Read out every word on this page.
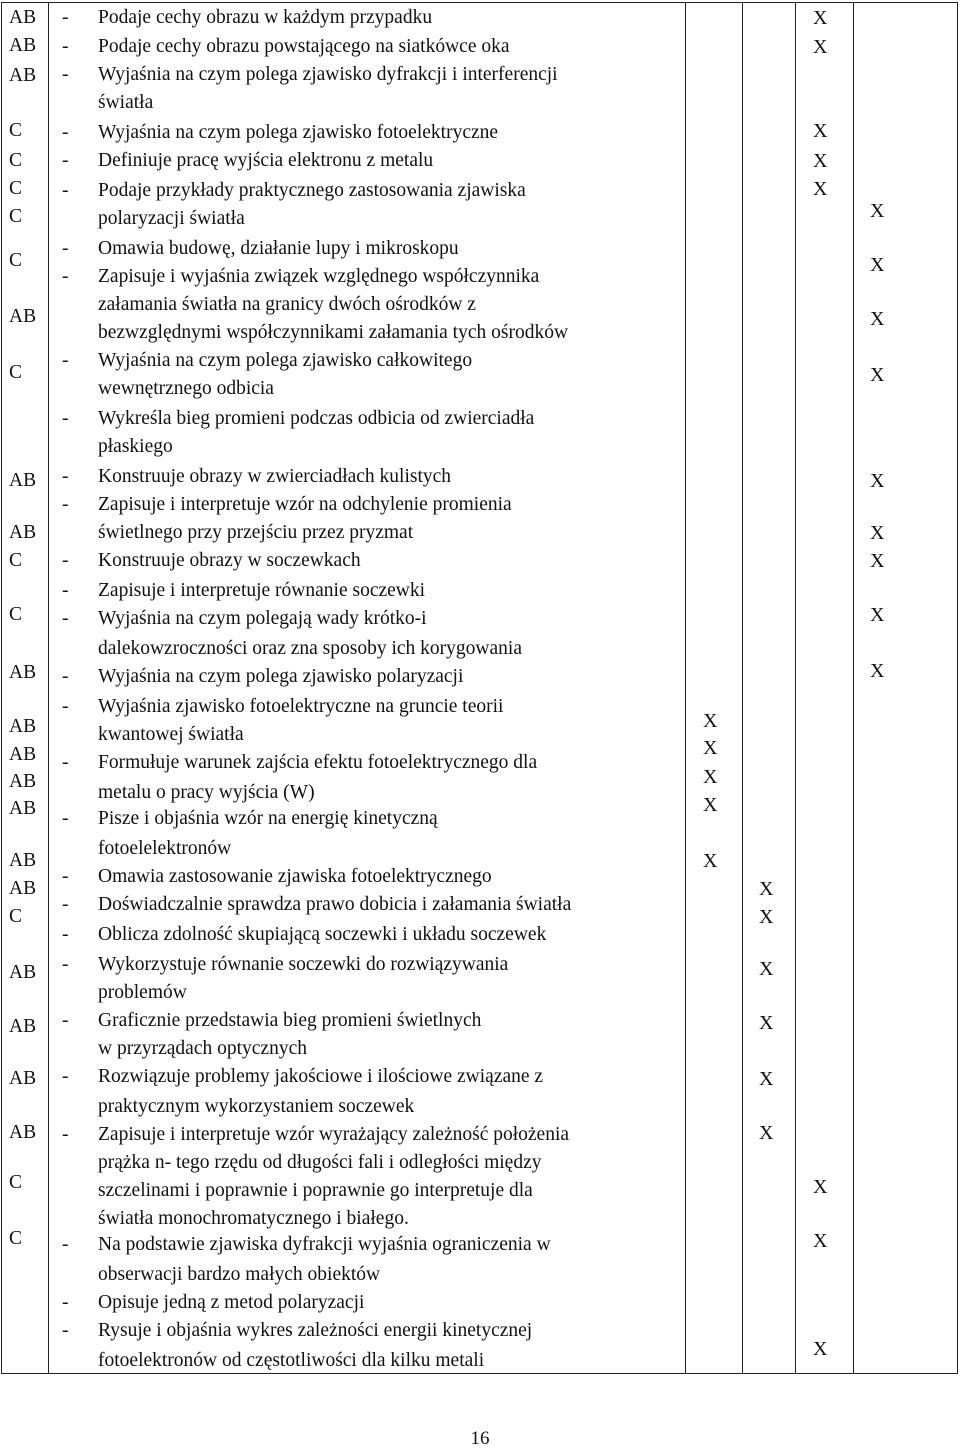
AB
AB
AB
C
C
C
C
C
AB
C
AB
AB
C
C
AB
AB
AB
AB
AB
AB
AB
C
AB
AB
AB
AB
C
C
-
-
-
-
-
-
-
-
-
-
-
-
-
-
-
-
-
-
-
-
-
-
-
-
-
-
-
-
-
Podaje cechy obrazu w każdym przypadku
Podaje cechy obrazu powstającego na siatkówce oka
Wyjaśnia na czym polega zjawisko dyfrakcji i interferencji
światła
Wyjaśnia na czym polega zjawisko fotoelektryczne
Definiuje pracę wyjścia elektronu z metalu
Podaje przykłady praktycznego zastosowania zjawiska
polaryzacji światła
Omawia budowę, działanie lupy i mikroskopu
Zapisuje i wyjaśnia związek względnego współczynnika
załamania światła na granicy dwóch ośrodków z
bezwzględnymi współczynnikami załamania tych ośrodków
Wyjaśnia na czym polega zjawisko całkowitego
wewnętrznego odbicia
Wykreśla bieg promieni podczas odbicia od zwierciadła
płaskiego
Konstruuje obrazy w zwierciadłach kulistych
Zapisuje i interpretuje wzór na odchylenie promienia
świetlnego przy przejściu przez pryzmat
Konstruuje obrazy w soczewkach
Zapisuje i interpretuje równanie soczewki
Wyjaśnia na czym polegają wady krótko-i
dalekowzroczności oraz zna sposoby ich korygowania
Wyjaśnia na czym polega zjawisko polaryzacji
Wyjaśnia zjawisko fotoelektryczne na gruncie teorii
kwantowej światła
Formułuje warunek zajścia efektu fotoelektrycznego dla
metalu o pracy wyjścia (W)
Pisze i objaśnia wzór na energię kinetyczną
fotoelelektronów
Omawia zastosowanie zjawiska fotoelektrycznego
Doświadczalnie sprawdza prawo dobicia i załamania światła
Oblicza zdolność skupiającą soczewki i układu soczewek
Wykorzystuje równanie soczewki do rozwiązywania
problemów
Graficznie przedstawia bieg promieni świetlnych
w przyrządach optycznych
Rozwiązuje problemy jakościowe i ilościowe związane z
praktycznym wykorzystaniem soczewek
Zapisuje i interpretuje wzór wyrażający zależność położenia
prążka n- tego rzędu od długości fali i odległości między
szczelinami i poprawnie i poprawnie go interpretuje dla
światła monochromatycznego i białego.
Na podstawie zjawiska dyfrakcji wyjaśnia ograniczenia w
obserwacji bardzo małych obiektów
Opisuje jedną z metod polaryzacji
Rysuje i objaśnia wykres zależności energii kinetycznej
fotoelektronów od częstotliwości dla kilku metali
X
X
X
X
X
X
X
X
X
X
X
X
X
X
X
X
X
X
X
X
X
X
X
X
X
X
X
X
16
